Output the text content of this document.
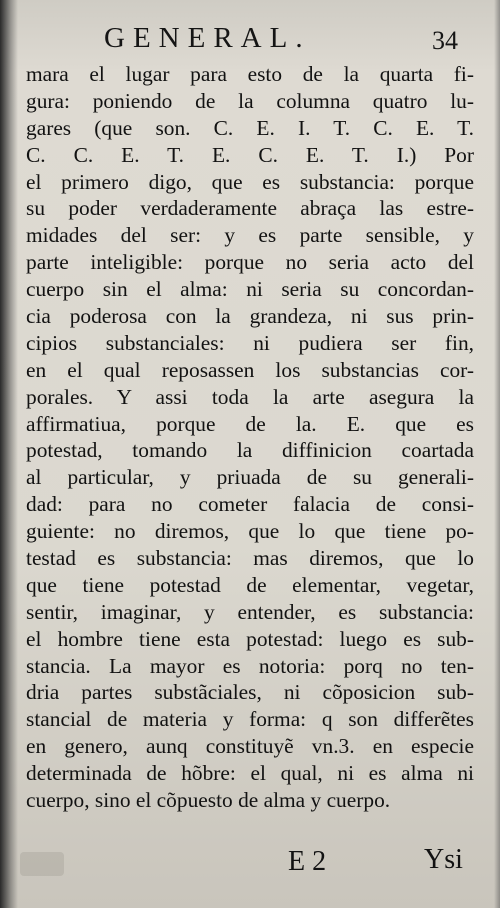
GENERAL.	34
mara el lugar para esto de la quarta fi-
gura: poniendo de la columna quatro lu-
gares (que son. C. E. I. T. C. E. T.
C. C. E. T. E. C. E. T. I.) Por
el primero digo, que es substancia: porque
su poder verdaderamente abraça las estre-
midades del ser: y es parte sensible, y
parte inteligible: porque no seria acto del
cuerpo sin el alma: ni seria su concordan-
cia poderosa con la grandeza, ni sus prin-
cipios substanciales: ni pudiera ser fin,
en el qual reposassen los substancias cor-
porales. Y assi toda la arte asegura la
affirmatiua, porque de la. E. que es
potestad, tomando la diffinicion coartada
al particular, y priuada de su generali-
dad: para no cometer falacia de consi-
guiente: no diremos, que lo que tiene po-
testad es substancia: mas diremos, que lo
que tiene potestad de elementar, vegetar,
sentir, imaginar, y entender, es substancia:
el hombre tiene esta potestad: luego es sub-
stancia. La mayor es notoria: porq no ten-
dria partes substãciales, ni cõposicion sub-
stancial de materia y forma: q son differẽtes
en genero, aunq constituyẽ vn.3. en especie
determinada de hõbre: el qual, ni es alma ni
cuerpo, sino el cõpuesto de alma y cuerpo.
E 2	Ysi
